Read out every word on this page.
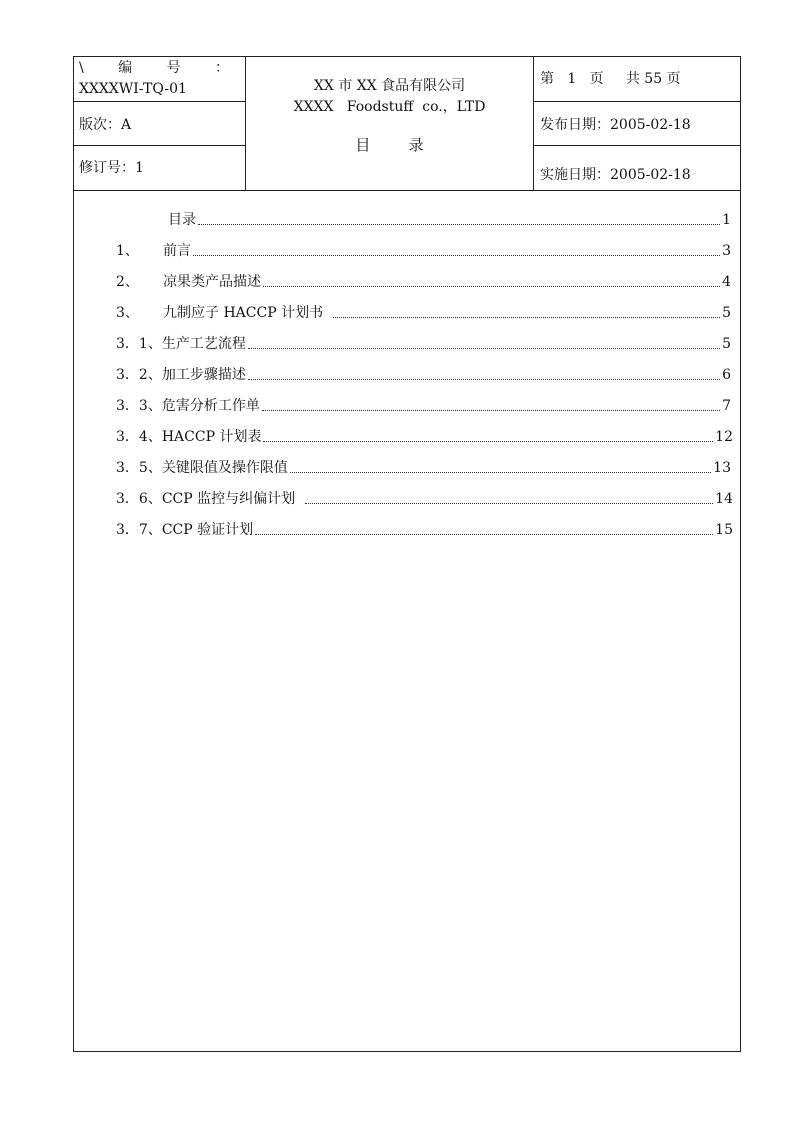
\ 编 号 ：
XXXXWI-TQ-01
版次：A
修订号：1
XX 市 XX 食品有限公司
XXXX   Foodstuff  co.，LTD
目        录
第   1   页     共 55 页
发布日期：2005-02-18
实施日期：2005-02-18
目录	1
1、 前言	3
2、 凉果类产品描述	4
3、 九制应子 HACCP 计划书	5
3．1、 生产工艺流程	5
3．2、 加工步骤描述	6
3．3、 危害分析工作单	7
3．4、 HACCP 计划表	12
3．5、 关键限值及操作限值	13
3．6、 CCP 监控与纠偏计划	14
3．7、 CCP 验证计划	15
